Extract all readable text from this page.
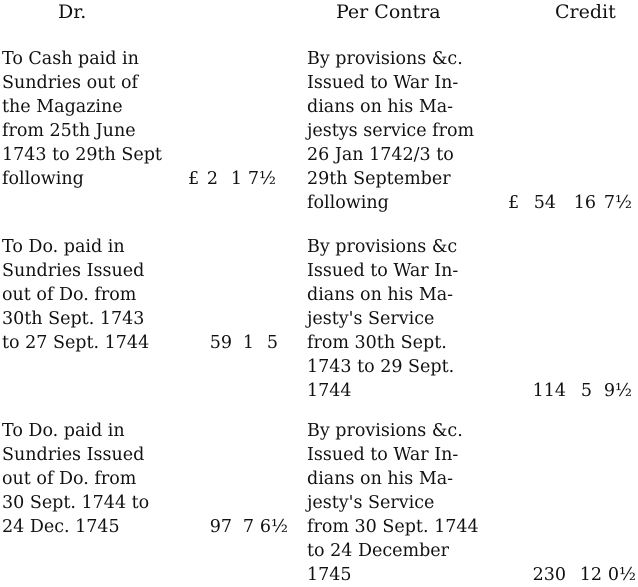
Dr.	Per Contra	Credit
To Cash paid in
Sundries out of
the Magazine
from 25th June
1743 to 29th Sept
following	£ 2 1 7½
By provisions &c.
Issued to War In-
dians on his Ma-
jestys service from
26 Jan 1742/3 to
29th September
following	£ 54 16 7½
To Do. paid in
Sundries Issued
out of Do. from
30th Sept. 1743
to 27 Sept. 1744	59 1 5
By provisions &c
Issued to War In-
dians on his Ma-
jesty's Service
from 30th Sept.
1743 to 29 Sept.
1744	114 5 9½
To Do. paid in
Sundries Issued
out of Do. from
30 Sept. 1744 to
24 Dec. 1745	97 7 6½
By provisions &c.
Issued to War In-
dians on his Ma-
jesty's Service
from 30 Sept. 1744
to 24 December
1745	230 12 0½
